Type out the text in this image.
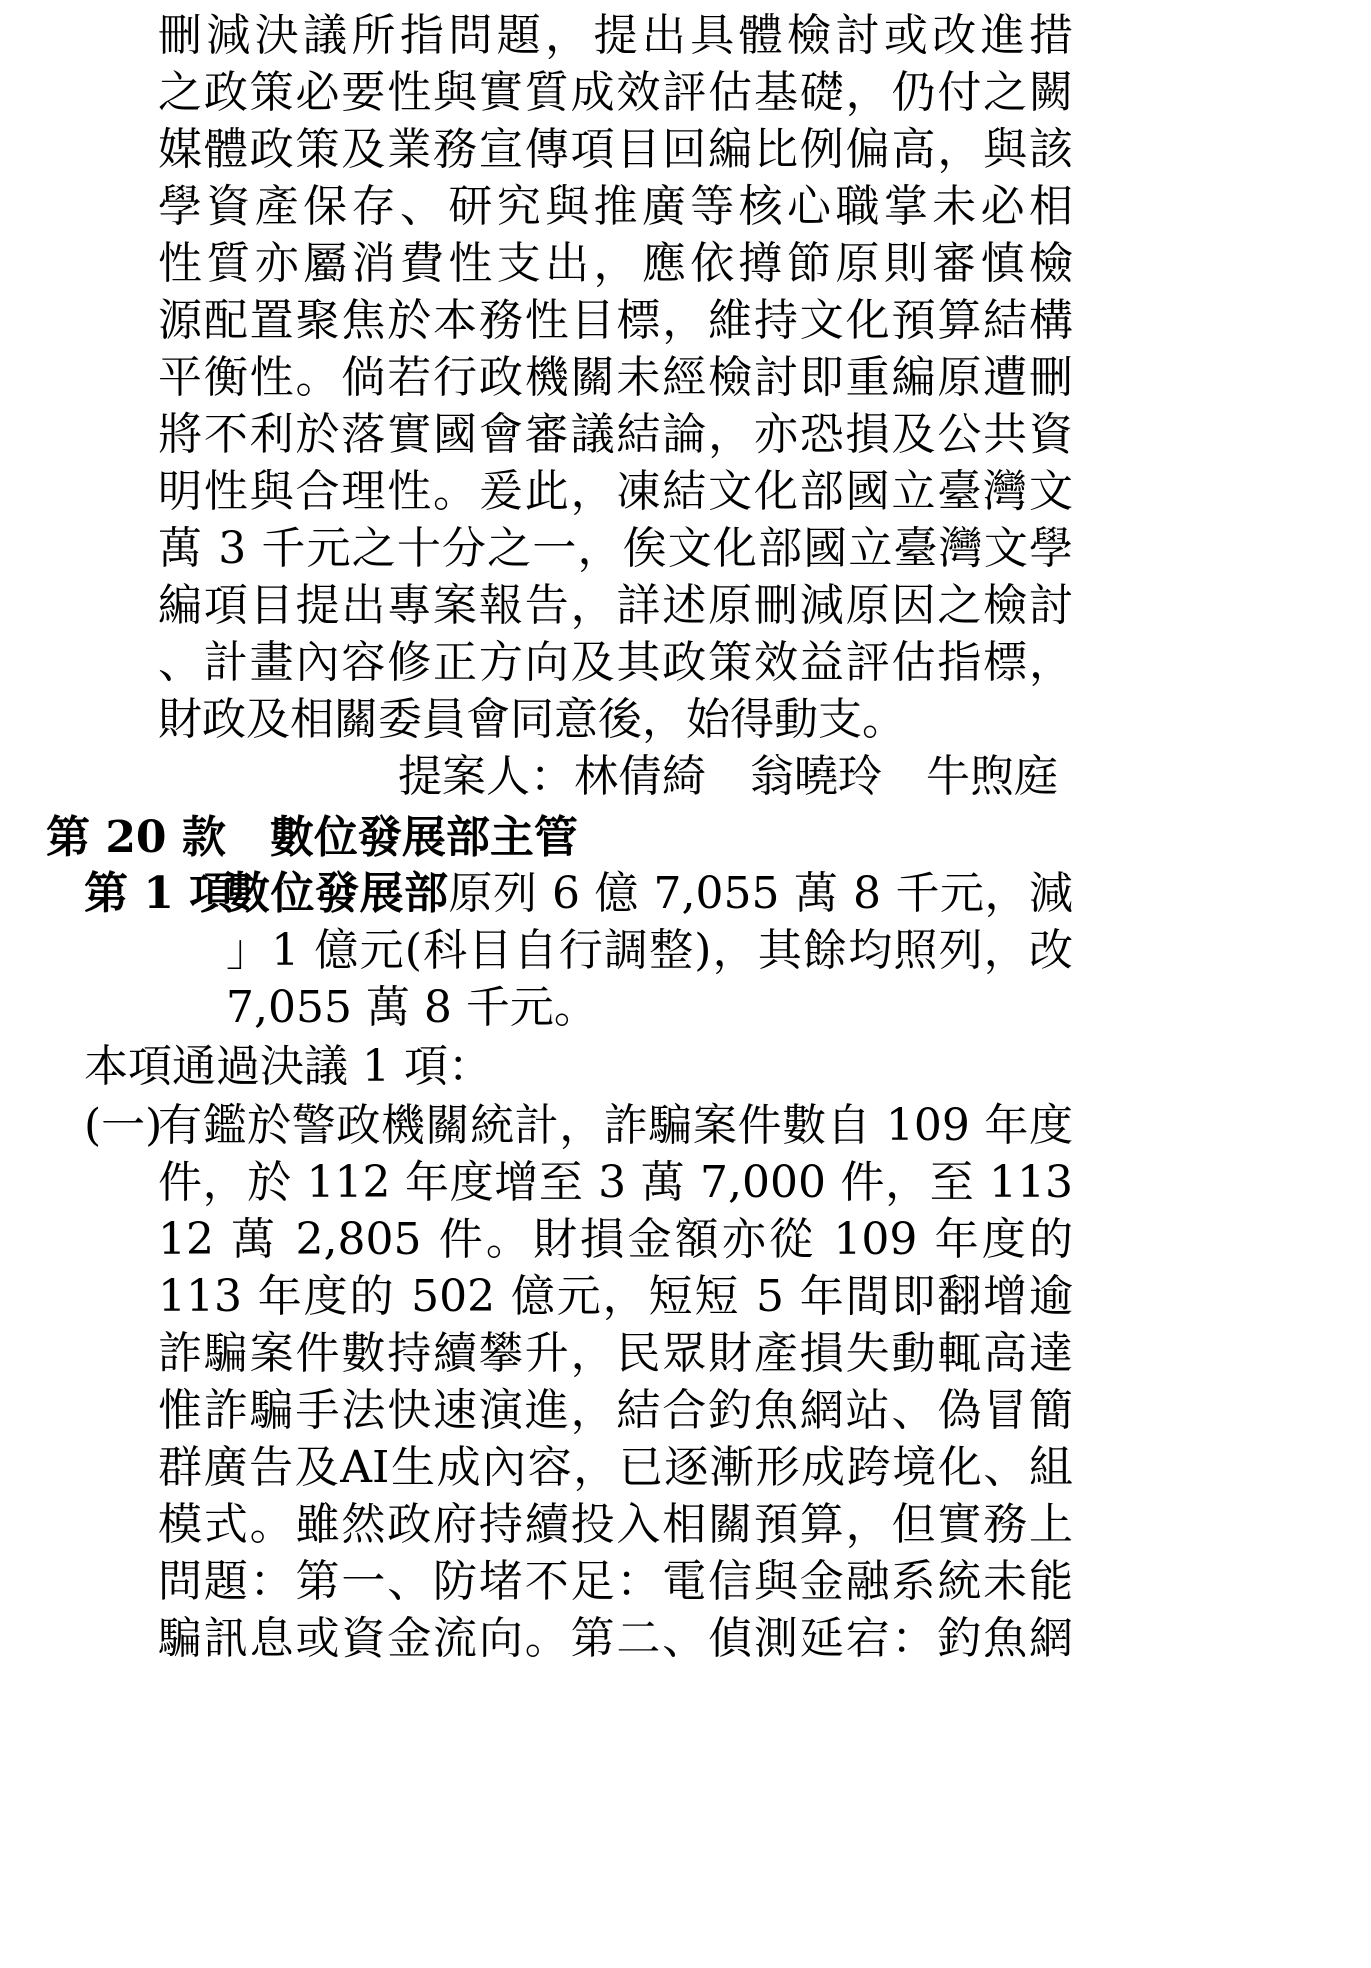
刪減決議所指問題，提出具體檢討或改進措
之政策必要性與實質成效評估基礎，仍付之闕
媒體政策及業務宣傳項目回編比例偏高，與該
學資產保存、研究與推廣等核心職掌未必相
性質亦屬消費性支出，應依撙節原則審慎檢
源配置聚焦於本務性目標，維持文化預算結構
平衡性。倘若行政機關未經檢討即重編原遭刪
將不利於落實國會審議結論，亦恐損及公共資
明性與合理性。爰此，凍結文化部國立臺灣文
萬 3 千元之十分之一，俟文化部國立臺灣文學
編項目提出專案報告，詳述原刪減原因之檢討
、計畫內容修正方向及其政策效益評估指標，
財政及相關委員會同意後，始得動支。
提案人：林倩綺　翁曉玲　牛煦庭
第 20 款　數位發展部主管
第 1 項
數位發展部原列 6 億 7,055 萬 8 千元，減
」1 億元(科目自行調整)，其餘均照列，改
7,055 萬 8 千元。
本項通過決議 1 項：
(一)
有鑑於警政機關統計，詐騙案件數自 109 年度
件，於 112 年度增至 3 萬 7,000 件，至 113
12 萬 2,805 件。財損金額亦從 109 年度的
113 年度的 502 億元，短短 5 年間即翻增逾
詐騙案件數持續攀升，民眾財產損失動輒高達
惟詐騙手法快速演進，結合釣魚網站、偽冒簡
群廣告及AI生成內容，已逐漸形成跨境化、組
模式。雖然政府持續投入相關預算，但實務上
問題：第一、防堵不足：電信與金融系統未能
騙訊息或資金流向。第二、偵測延宕：釣魚網
